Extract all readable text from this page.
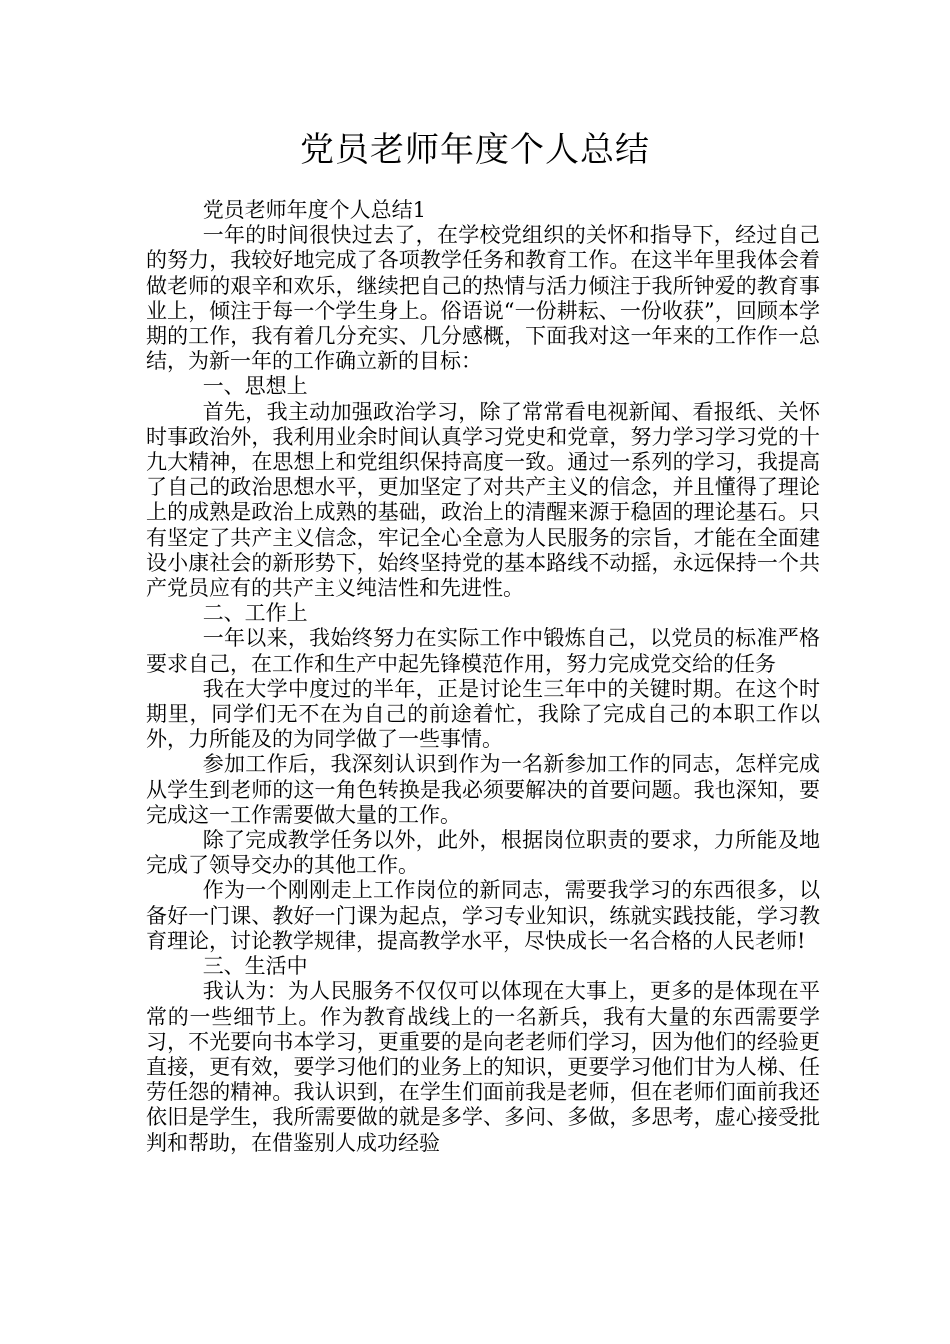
党员老师年度个人总结

党员老师年度个人总结1

一年的时间很快过去了，在学校党组织的关怀和指导下，经过自己的努力，我较好地完成了各项教学任务和教育工作。在这半年里我体会着做老师的艰辛和欢乐，继续把自己的热情与活力倾注于我所钟爱的教育事业上，倾注于每一个学生身上。俗语说“一份耕耘、一份收获”，回顾本学期的工作，我有着几分充实、几分感概，下面我对这一年来的工作作一总结，为新一年的工作确立新的目标：

一、思想上

首先，我主动加强政治学习，除了常常看电视新闻、看报纸、关怀时事政治外，我利用业余时间认真学习党史和党章，努力学习学习党的十九大精神，在思想上和党组织保持高度一致。通过一系列的学习，我提高了自己的政治思想水平，更加坚定了对共产主义的信念，并且懂得了理论上的成熟是政治上成熟的基础，政治上的清醒来源于稳固的理论基石。只有坚定了共产主义信念，牢记全心全意为人民服务的宗旨，才能在全面建设小康社会的新形势下，始终坚持党的基本路线不动摇，永远保持一个共产党员应有的共产主义纯洁性和先进性。

二、工作上

一年以来，我始终努力在实际工作中锻炼自己，以党员的标准严格要求自己，在工作和生产中起先锋模范作用，努力完成党交给的任务

我在大学中度过的半年，正是讨论生三年中的关键时期。在这个时期里，同学们无不在为自己的前途着忙，我除了完成自己的本职工作以外，力所能及的为同学做了一些事情。

参加工作后，我深刻认识到作为一名新参加工作的同志，怎样完成从学生到老师的这一角色转换是我必须要解决的首要问题。我也深知，要完成这一工作需要做大量的工作。

除了完成教学任务以外，此外，根据岗位职责的要求，力所能及地完成了领导交办的其他工作。

作为一个刚刚走上工作岗位的新同志，需要我学习的东西很多，以备好一门课、教好一门课为起点，学习专业知识，练就实践技能，学习教育理论，讨论教学规律，提高教学水平，尽快成长一名合格的人民老师!

三、生活中

我认为：为人民服务不仅仅可以体现在大事上，更多的是体现在平常的一些细节上。作为教育战线上的一名新兵，我有大量的东西需要学习，不光要向书本学习，更重要的是向老老师们学习，因为他们的经验更直接，更有效，要学习他们的业务上的知识，更要学习他们甘为人梯、任劳任怨的精神。我认识到，在学生们面前我是老师，但在老师们面前我还依旧是学生，我所需要做的就是多学、多问、多做，多思考，虚心接受批判和帮助，在借鉴别人成功经验
